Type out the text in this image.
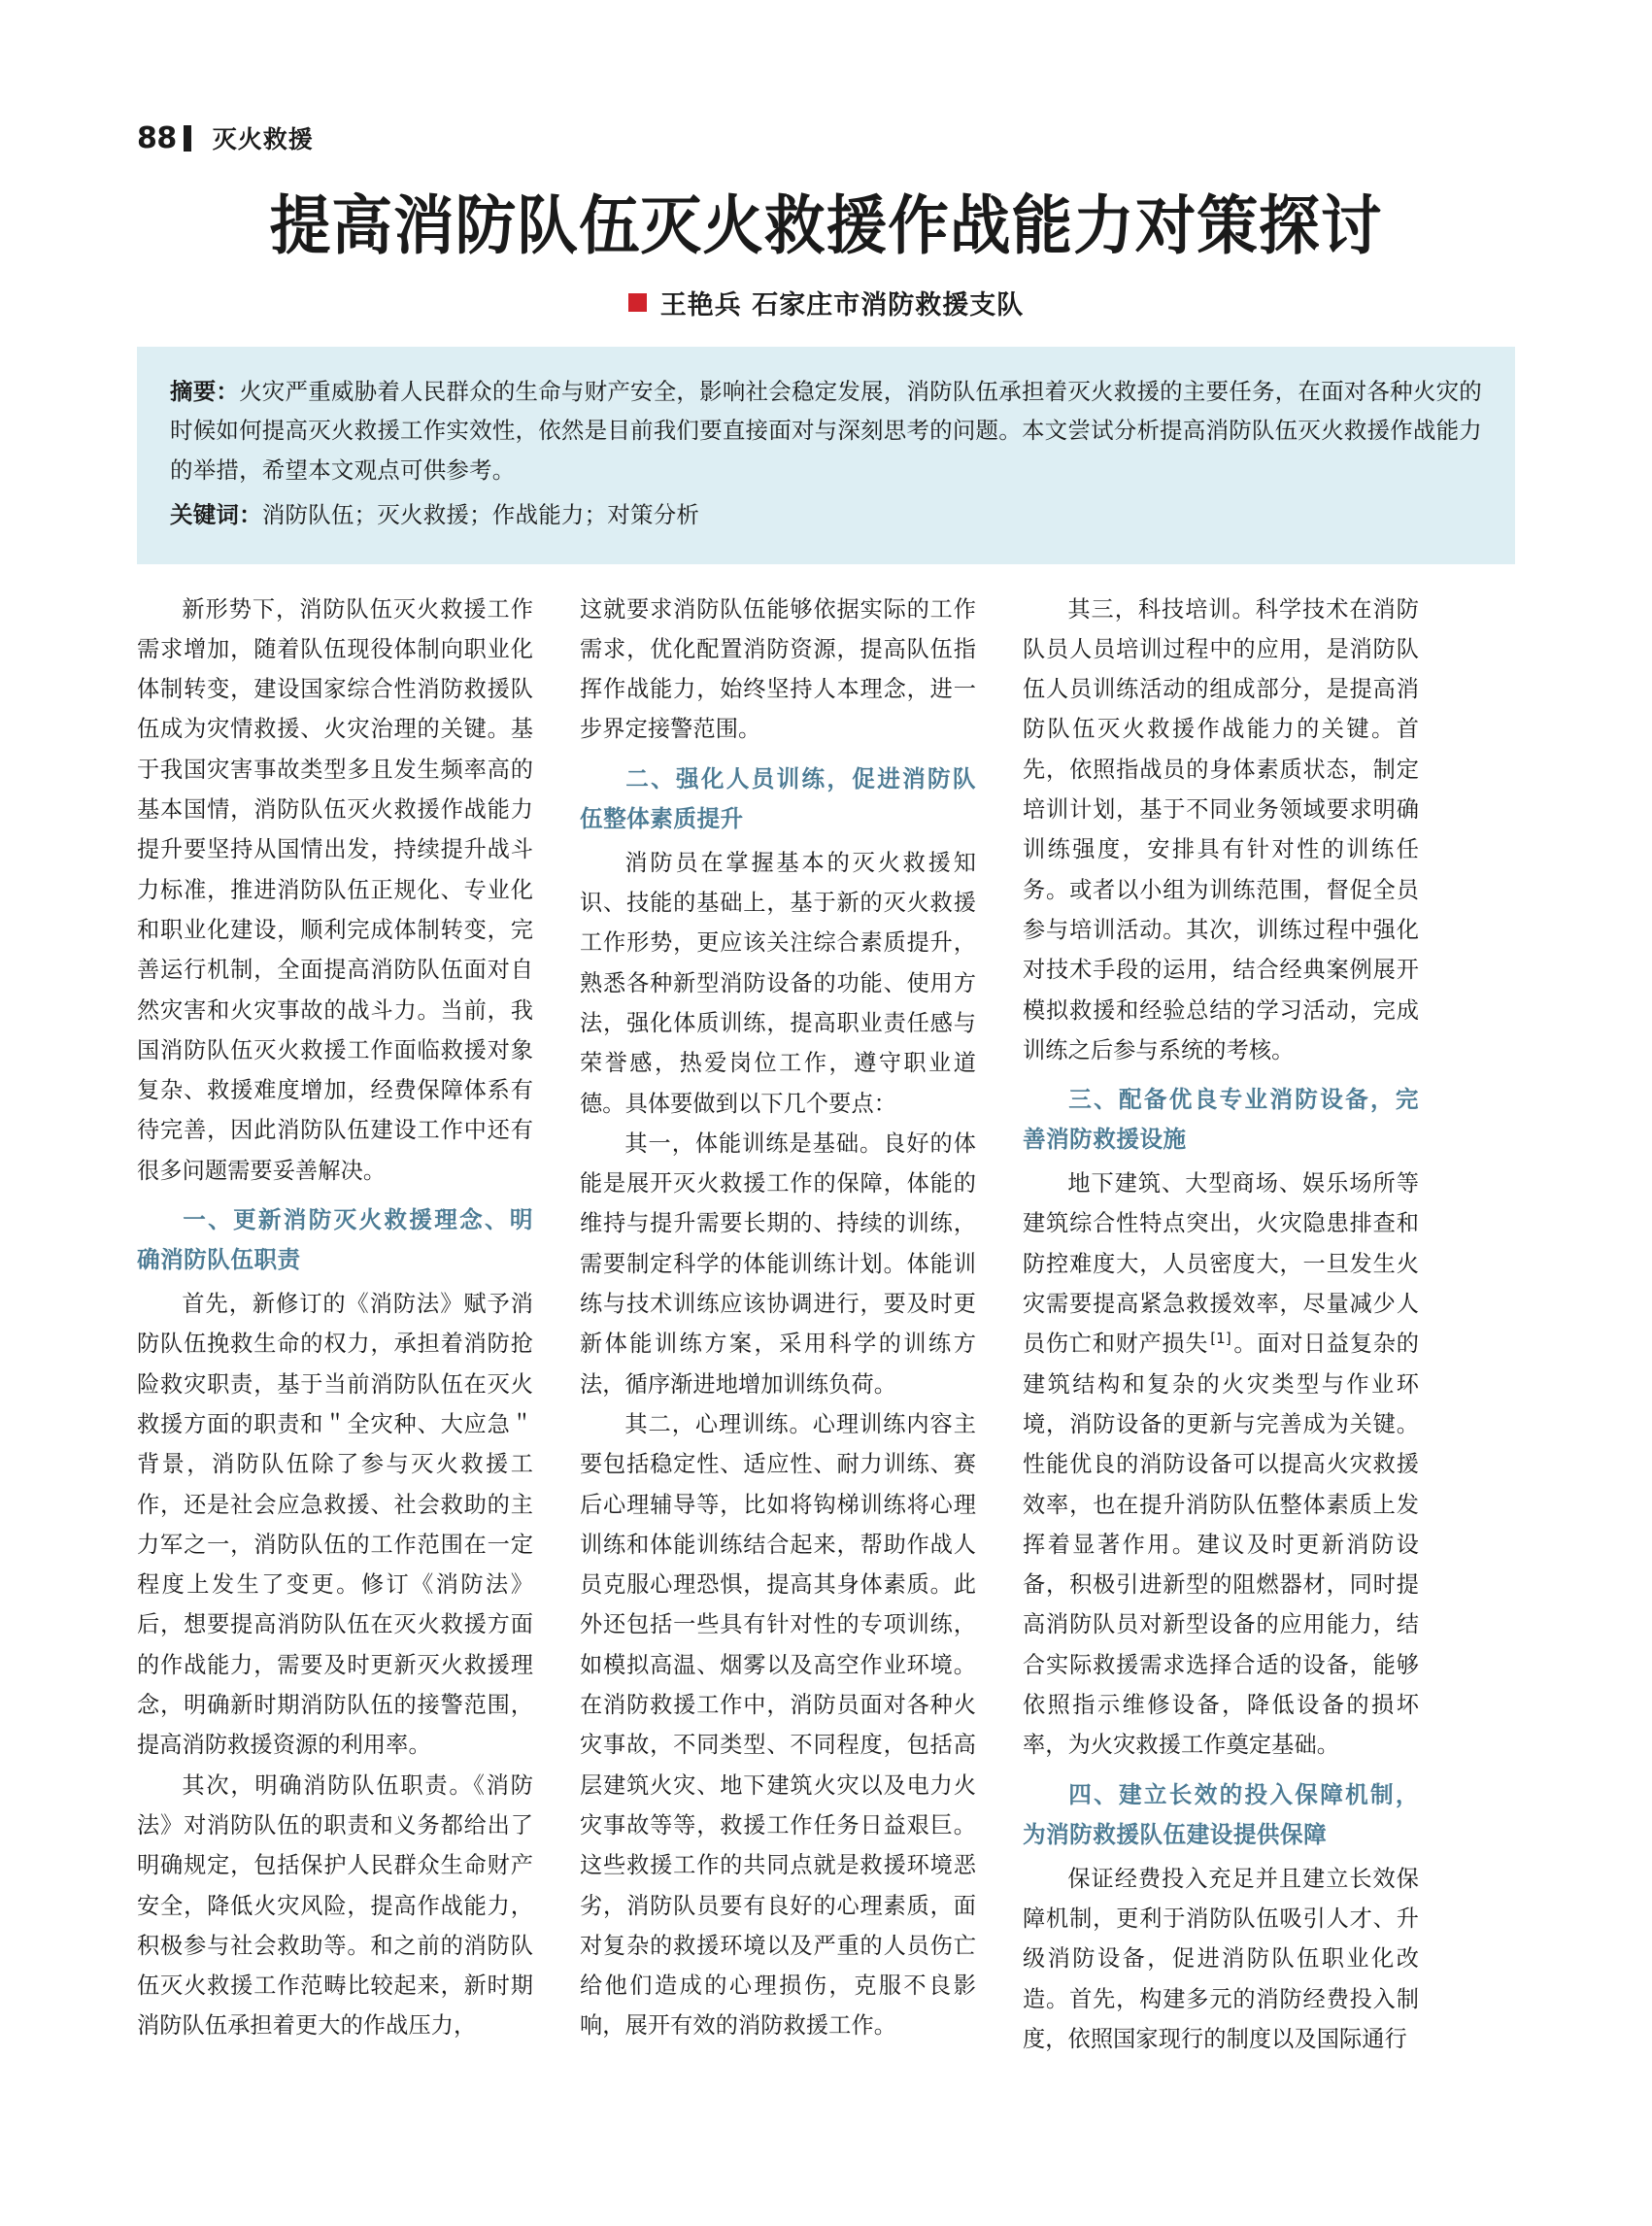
88 灭火救援
提高消防队伍灭火救援作战能力对策探讨
王艳兵 石家庄市消防救援支队

摘要：火灾严重威胁着人民群众的生命与财产安全，影响社会稳定发展，消防队伍承担着灭火救援的主要任务，在面对各种火灾的时候如何提高灭火救援工作实效性，依然是目前我们要直接面对与深刻思考的问题。本文尝试分析提高消防队伍灭火救援作战能力的举措，希望本文观点可供参考。

关键词：消防队伍；灭火救援；作战能力；对策分析

新形势下，消防队伍灭火救援工作需求增加，随着队伍现役体制向职业化体制转变，建设国家综合性消防救援队伍成为灾情救援、火灾治理的关键。基于我国灾害事故类型多且发生频率高的基本国情，消防队伍灭火救援作战能力提升要坚持从国情出发，持续提升战斗力标准，推进消防队伍正规化、专业化和职业化建设，顺利完成体制转变，完善运行机制，全面提高消防队伍面对自然灾害和火灾事故的战斗力。当前，我国消防队伍灭火救援工作面临救援对象复杂、救援难度增加，经费保障体系有待完善，因此消防队伍建设工作中还有很多问题需要妥善解决。

一、更新消防灭火救援理念、明确消防队伍职责

首先，新修订的《消防法》赋予消防队伍挽救生命的权力，承担着消防抢险救灾职责，基于当前消防队伍在灭火救援方面的职责和＂全灾种、大应急＂背景，消防队伍除了参与灭火救援工作，还是社会应急救援、社会救助的主力军之一，消防队伍的工作范围在一定程度上发生了变更。修订《消防法》后，想要提高消防队伍在灭火救援方面的作战能力，需要及时更新灭火救援理念，明确新时期消防队伍的接警范围，提高消防救援资源的利用率。

其次，明确消防队伍职责。《消防法》对消防队伍的职责和义务都给出了明确规定，包括保护人民群众生命财产安全，降低火灾风险，提高作战能力，积极参与社会救助等。和之前的消防队伍灭火救援工作范畴比较起来，新时期消防队伍承担着更大的作战压力，

这就要求消防队伍能够依据实际的工作需求，优化配置消防资源，提高队伍指挥作战能力，始终坚持人本理念，进一步界定接警范围。

二、强化人员训练，促进消防队伍整体素质提升

消防员在掌握基本的灭火救援知识、技能的基础上，基于新的灭火救援工作形势，更应该关注综合素质提升，熟悉各种新型消防设备的功能、使用方法，强化体质训练，提高职业责任感与荣誉感，热爱岗位工作，遵守职业道德。具体要做到以下几个要点：

其一，体能训练是基础。良好的体能是展开灭火救援工作的保障，体能的维持与提升需要长期的、持续的训练，需要制定科学的体能训练计划。体能训练与技术训练应该协调进行，要及时更新体能训练方案，采用科学的训练方法，循序渐进地增加训练负荷。

其二，心理训练。心理训练内容主要包括稳定性、适应性、耐力训练、赛后心理辅导等，比如将钩梯训练将心理训练和体能训练结合起来，帮助作战人员克服心理恐惧，提高其身体素质。此外还包括一些具有针对性的专项训练，如模拟高温、烟雾以及高空作业环境。在消防救援工作中，消防员面对各种火灾事故，不同类型、不同程度，包括高层建筑火灾、地下建筑火灾以及电力火灾事故等等，救援工作任务日益艰巨。这些救援工作的共同点就是救援环境恶劣，消防队员要有良好的心理素质，面对复杂的救援环境以及严重的人员伤亡给他们造成的心理损伤，克服不良影响，展开有效的消防救援工作。

其三，科技培训。科学技术在消防队员人员培训过程中的应用，是消防队伍人员训练活动的组成部分，是提高消防队伍灭火救援作战能力的关键。首先，依照指战员的身体素质状态，制定培训计划，基于不同业务领域要求明确训练强度，安排具有针对性的训练任务。或者以小组为训练范围，督促全员参与培训活动。其次，训练过程中强化对技术手段的运用，结合经典案例展开模拟救援和经验总结的学习活动，完成训练之后参与系统的考核。

三、配备优良专业消防设备，完善消防救援设施

地下建筑、大型商场、娱乐场所等建筑综合性特点突出，火灾隐患排查和防控难度大，人员密度大，一旦发生火灾需要提高紧急救援效率，尽量减少人员伤亡和财产损失 [1]。面对日益复杂的建筑结构和复杂的火灾类型与作业环境，消防设备的更新与完善成为关键。性能优良的消防设备可以提高火灾救援效率，也在提升消防队伍整体素质上发挥着显著作用。建议及时更新消防设备，积极引进新型的阻燃器材，同时提高消防队员对新型设备的应用能力，结合实际救援需求选择合适的设备，能够依照指示维修设备，降低设备的损坏率，为火灾救援工作奠定基础。

四、建立长效的投入保障机制，为消防救援队伍建设提供保障

保证经费投入充足并且建立长效保障机制，更利于消防队伍吸引人才、升级消防设备，促进消防队伍职业化改造。首先，构建多元的消防经费投入制度，依照国家现行的制度以及国际通行
